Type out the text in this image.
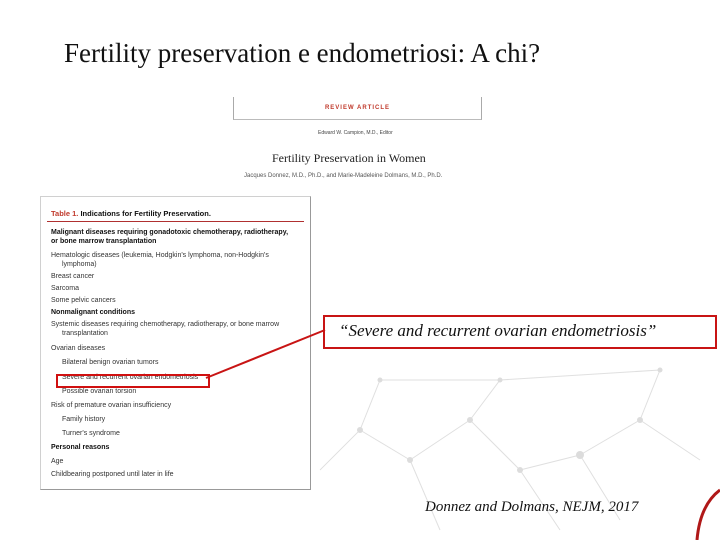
Fertility preservation e endometriosi: A chi?
REVIEW ARTICLE
Edward W. Campion, M.D., Editor
Fertility Preservation in Women
Jacques Donnez, M.D., Ph.D., and Marie-Madeleine Dolmans, M.D., Ph.D.
Table 1. Indications for Fertility Preservation.
Malignant diseases requiring gonadotoxic chemotherapy, radiotherapy,
or bone marrow transplantation
Hematologic diseases (leukemia, Hodgkin's lymphoma, non-Hodgkin's
lymphoma)
Breast cancer
Sarcoma
Some pelvic cancers
Nonmalignant conditions
Systemic diseases requiring chemotherapy, radiotherapy, or bone marrow
transplantation
Ovarian diseases
Bilateral benign ovarian tumors
Severe and recurrent ovarian endometriosis
Possible ovarian torsion
Risk of premature ovarian insufficiency
Family history
Turner's syndrome
Personal reasons
Age
Childbearing postponed until later in life
“Severe and recurrent ovarian endometriosis”
Donnez and Dolmans, NEJM, 2017
